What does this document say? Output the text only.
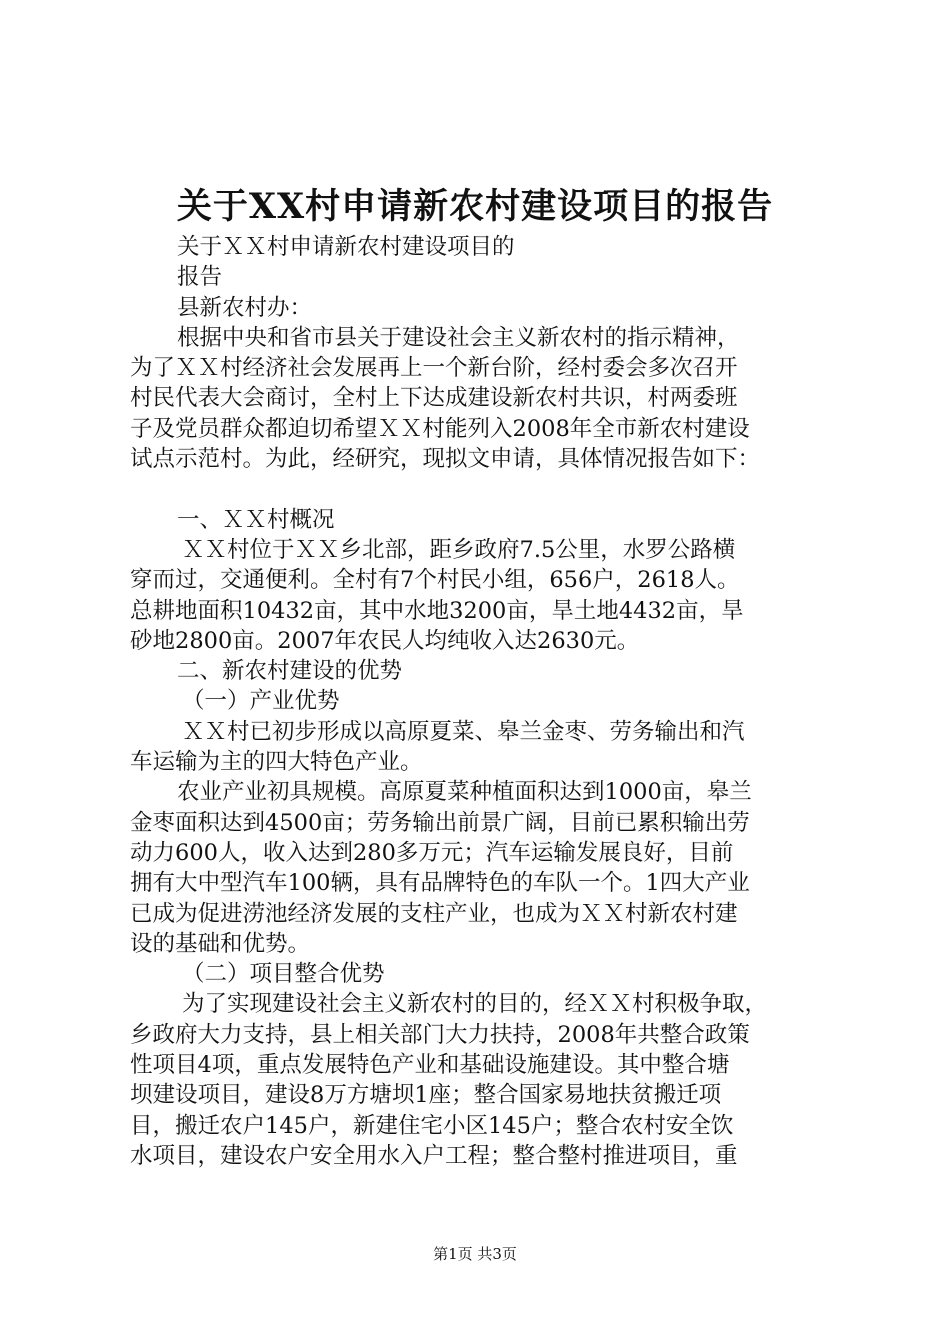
关于XX村申请新农村建设项目的报告
关于ＸＸ村申请新农村建设项目的
报告
县新农村办：
根据中央和省市县关于建设社会主义新农村的指示精神，
为了ＸＸ村经济社会发展再上一个新台阶，经村委会多次召开
村民代表大会商讨，全村上下达成建设新农村共识，村两委班
子及党员群众都迫切希望ＸＸ村能列入2008年全市新农村建设
试点示范村。为此，经研究，现拟文申请，具体情况报告如下：
一、ＸＸ村概况
ＸＸ村位于ＸＸ乡北部，距乡政府7.5公里，水罗公路横
穿而过，交通便利。全村有7个村民小组，656户，2618人。
总耕地面积10432亩，其中水地3200亩，旱土地4432亩，旱
砂地2800亩。2007年农民人均纯收入达2630元。
二、新农村建设的优势
（一）产业优势
ＸＸ村已初步形成以高原夏菜、皋兰金枣、劳务输出和汽
车运输为主的四大特色产业。
农业产业初具规模。高原夏菜种植面积达到1000亩，皋兰
金枣面积达到4500亩；劳务输出前景广阔，目前已累积输出劳
动力600人，收入达到280多万元；汽车运输发展良好，目前
拥有大中型汽车100辆，具有品牌特色的车队一个。1四大产业
已成为促进涝池经济发展的支柱产业，也成为ＸＸ村新农村建
设的基础和优势。
（二）项目整合优势
为了实现建设社会主义新农村的目的，经ＸＸ村积极争取，
乡政府大力支持，县上相关部门大力扶持，2008年共整合政策
性项目4项，重点发展特色产业和基础设施建设。其中整合塘
坝建设项目，建设8万方塘坝1座；整合国家易地扶贫搬迁项
目，搬迁农户145户，新建住宅小区145户；整合农村安全饮
水项目，建设农户安全用水入户工程；整合整村推进项目，重
第1页 共3页
